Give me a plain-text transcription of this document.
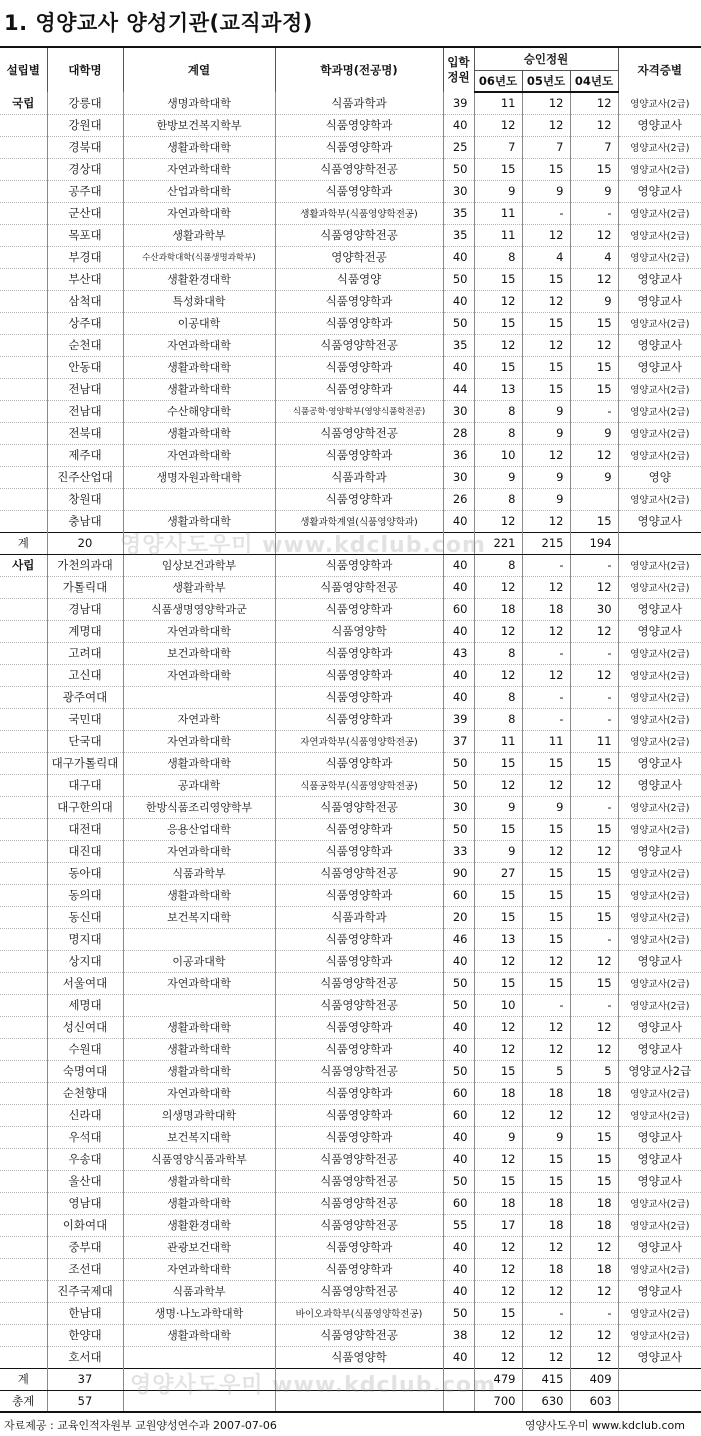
1. 영양교사 양성기관(교직과정)
설립별	대학명	계열	학과명(전공명)	입학
정원	승인정원			자격증별
					06년도	05년도	04년도	
국립	강릉대	생명과학대학	식품과학과	39	11	12	12	영양교사(2급)
	강원대	한방보건복지학부	식품영양학과	40	12	12	12	영양교사
	경북대	생활과학대학	식품영양학과	25	7	7	7	영양교사(2급)
	경상대	자연과학대학	식품영양학전공	50	15	15	15	영양교사(2급)
	공주대	산업과학대학	식품영양학과	30	9	9	9	영양교사
	군산대	자연과학대학	생활과학부(식품영양학전공)	35	11	-	-	영양교사(2급)
	목포대	생활과학부	식품영양학전공	35	11	12	12	영양교사(2급)
	부경대	수산과학대학(식품생명과학부)	영양학전공	40	8	4	4	영양교사(2급)
	부산대	생활환경대학	식품영양	50	15	15	12	영양교사
	삼척대	특성화대학	식품영양학과	40	12	12	9	영양교사
	상주대	이공대학	식품영양학과	50	15	15	15	영양교사(2급)
	순천대	자연과학대학	식품영양학전공	35	12	12	12	영양교사
	안동대	생활과학대학	식품영양학과	40	15	15	15	영양교사
	전남대	생활과학대학	식품영양학과	44	13	15	15	영양교사(2급)
	전남대	수산해양대학	식품공학·영양학부(영양식품학전공)	30	8	9	-	영양교사(2급)
	전북대	생활과학대학	식품영양학전공	28	8	9	9	영양교사(2급)
	제주대	자연과학대학	식품영양학과	36	10	12	12	영양교사(2급)
	진주산업대	생명자원과학대학	식품과학과	30	9	9	9	영양
	창원대		식품영양학과	26	8	9		영양교사(2급)
	충남대	생활과학대학	생활과학계열(식품영양학과)	40	12	12	15	영양교사
계	20				221	215	194	
사립	가천의과대	임상보건과학부	식품영양학과	40	8	-	-	영양교사(2급)
	가톨릭대	생활과학부	식품영양학전공	40	12	12	12	영양교사(2급)
	경남대	식품생명영양학과군	식품영양학과	60	18	18	30	영양교사
	계명대	자연과학대학	식품영양학	40	12	12	12	영양교사
	고려대	보건과학대학	식품영양학과	43	8	-	-	영양교사(2급)
	고신대	자연과학대학	식품영양학과	40	12	12	12	영양교사(2급)
	광주여대		식품영양학과	40	8	-	-	영양교사(2급)
	국민대	자연과학	식품영양학과	39	8	-	-	영양교사(2급)
	단국대	자연과학대학	자연과학부(식품영양학전공)	37	11	11	11	영양교사(2급)
	대구가톨릭대	생활과학대학	식품영양학과	50	15	15	15	영양교사
	대구대	공과대학	식품공학부(식품영양학전공)	50	12	12	12	영양교사
	대구한의대	한방식품조리영양학부	식품영양학전공	30	9	9	-	영양교사(2급)
	대전대	응용산업대학	식품영양학과	50	15	15	15	영양교사(2급)
	대진대	자연과학대학	식품영양학과	33	9	12	12	영양교사
	동아대	식품과학부	식품영양학전공	90	27	15	15	영양교사(2급)
	동의대	생활과학대학	식품영양학과	60	15	15	15	영양교사(2급)
	동신대	보건복지대학	식품과학과	20	15	15	15	영양교사(2급)
	명지대		식품영양학과	46	13	15	-	영양교사(2급)
	상지대	이공과대학	식품영양학과	40	12	12	12	영양교사
	서울여대	자연과학대학	식품영양학전공	50	15	15	15	영양교사(2급)
	세명대		식품영양학전공	50	10	-	-	영양교사(2급)
	성신여대	생활과학대학	식품영양학과	40	12	12	12	영양교사
	수원대	생활과학대학	식품영양학과	40	12	12	12	영양교사
	숙명여대	생활과학대학	식품영양학전공	50	15	5	5	영양교사2급
	순천향대	자연과학대학	식품영양학과	60	18	18	18	영양교사(2급)
	신라대	의생명과학대학	식품영양학과	60	12	12	12	영양교사(2급)
	우석대	보건복지대학	식품영양학과	40	9	9	15	영양교사
	우송대	식품영양식품과학부	식품영양학전공	40	12	15	15	영양교사
	울산대	생활과학대학	식품영양학전공	50	15	15	15	영양교사
	영남대	생활과학대학	식품영양학전공	60	18	18	18	영양교사(2급)
	이화여대	생활환경대학	식품영양학전공	55	17	18	18	영양교사(2급)
	중부대	관광보건대학	식품영양학과	40	12	12	12	영양교사
	조선대	자연과학대학	식품영양학과	40	12	18	18	영양교사(2급)
	진주국제대	식품과학부	식품영양학전공	40	12	12	12	영양교사
	한남대	생명·나노과학대학	바이오과학부(식품영양학전공)	50	15	-	-	영양교사(2급)
	한양대	생활과학대학	식품영양학전공	38	12	12	12	영양교사(2급)
	호서대		식품영양학	40	12	12	12	영양교사
계	37				479	415	409	
총계	57				700	630	603	
영양사도우미 www.kdclub.com
영양사도우미 www.kdclub.com
자료제공 : 교육인적자원부 교원양성연수과 2007-07-06	영양사도우미 www.kdclub.com
